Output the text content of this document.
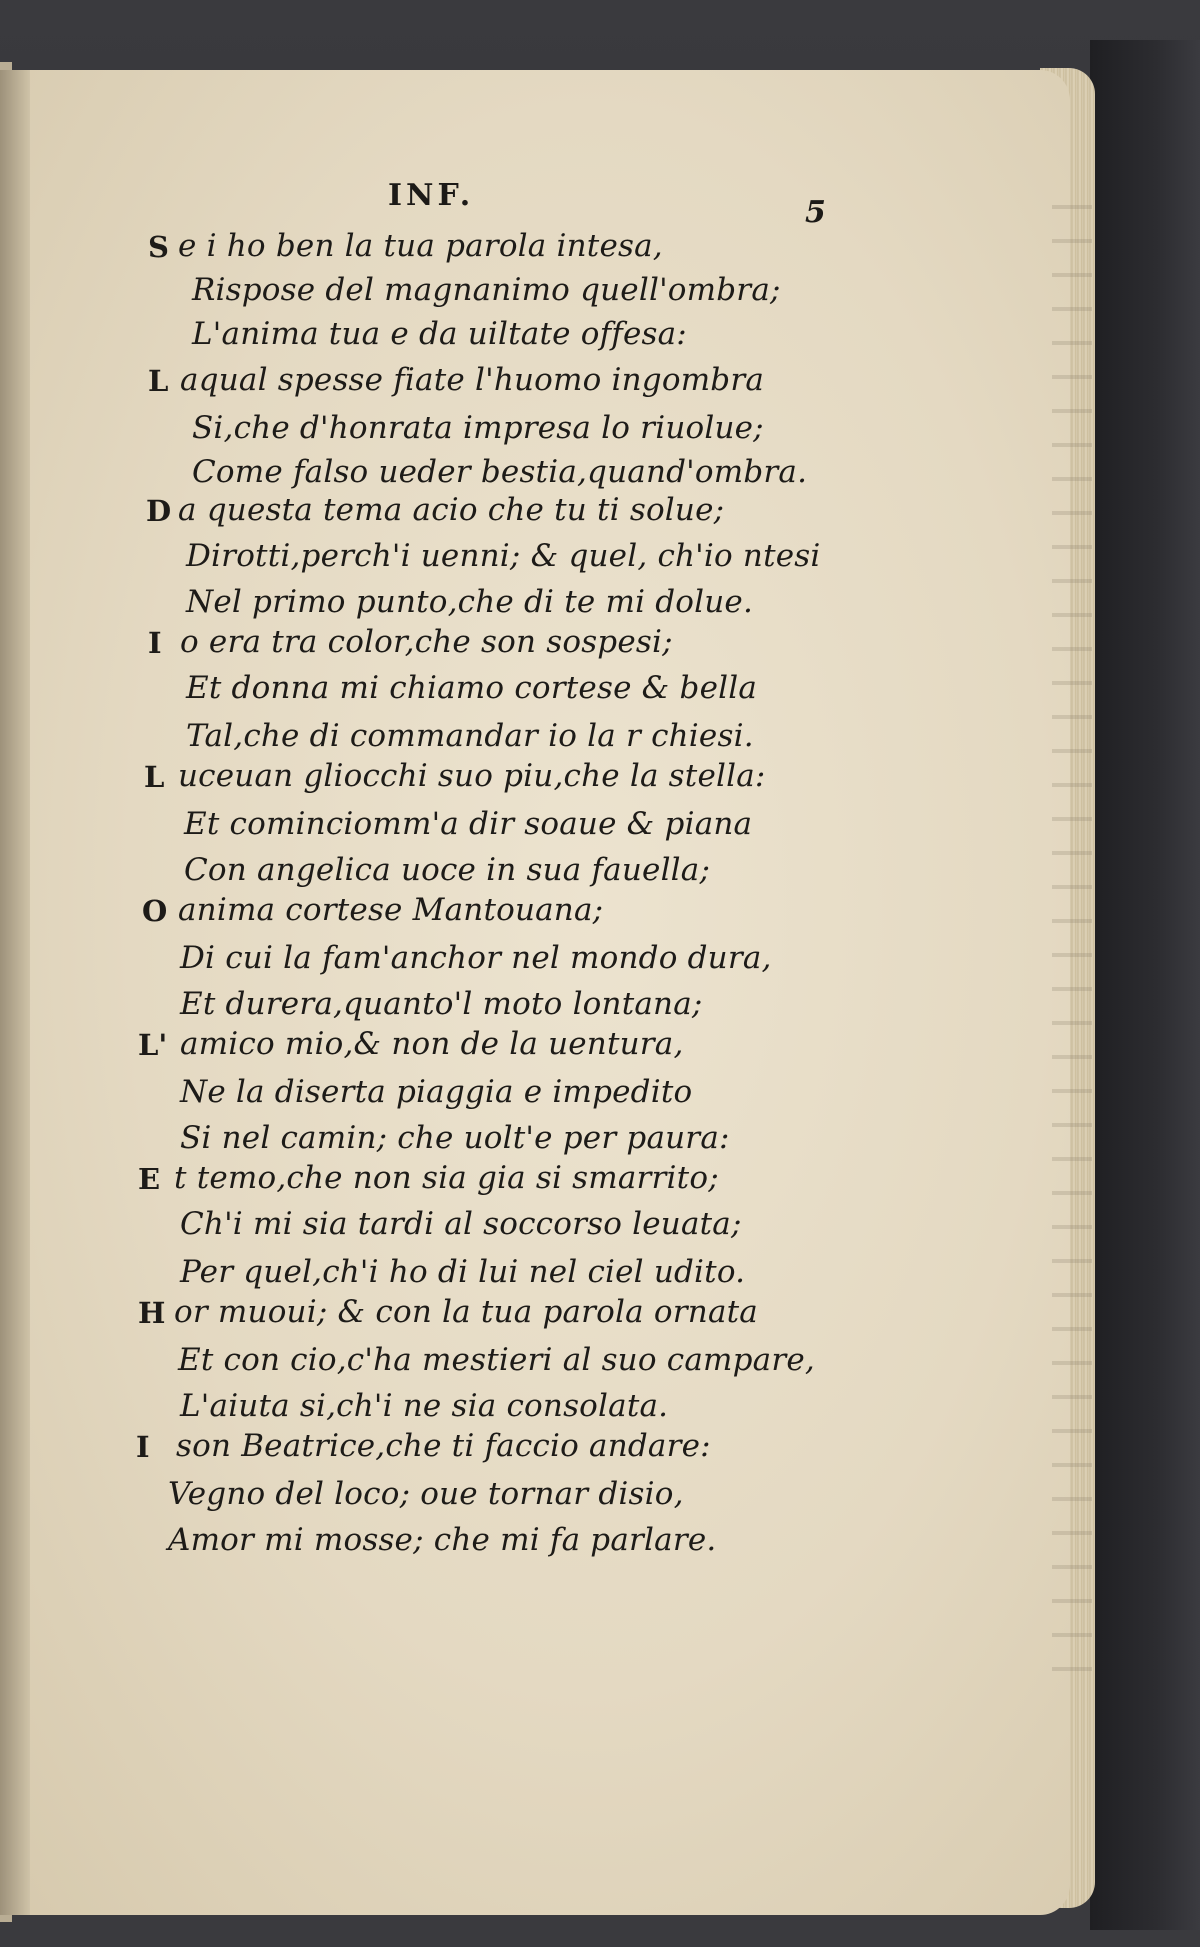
INF.	5
S e i ho ben la tua parola intesa,
Rispose del magnanimo quell'ombra;
L'anima tua e da uiltate offesa:
L aqual spesse fiate l'huomo ingombra
Si,che d'honrata impresa lo riuolue;
Come falso ueder bestia,quand'ombra.
D a questa tema acio che tu ti solue;
Dirotti,perch'i uenni; & quel, ch'io ntesi
Nel primo punto,che di te mi dolue.
I o era tra color,che son sospesi;
Et donna mi chiamo cortese & bella
Tal,che di commandar io la r chiesi.
L uceuan gliocchi suo piu,che la stella:
Et cominciomm'a dir soaue & piana
Con angelica uoce in sua fauella;
O anima cortese Mantouana;
Di cui la fam'anchor nel mondo dura,
Et durera,quanto'l moto lontana;
L' amico mio,& non de la uentura,
Ne la diserta piaggia e impedito
Si nel camin; che uolt'e per paura:
E t temo,che non sia gia si smarrito;
Ch'i mi sia tardi al soccorso leuata;
Per quel,ch'i ho di lui nel ciel udito.
H or muoui; & con la tua parola ornata
Et con cio,c'ha mestieri al suo campare,
L'aiuta si,ch'i ne sia consolata.
I son Beatrice,che ti faccio andare:
Vegno del loco; oue tornar disio,
Amor mi mosse; che mi fa parlare.
